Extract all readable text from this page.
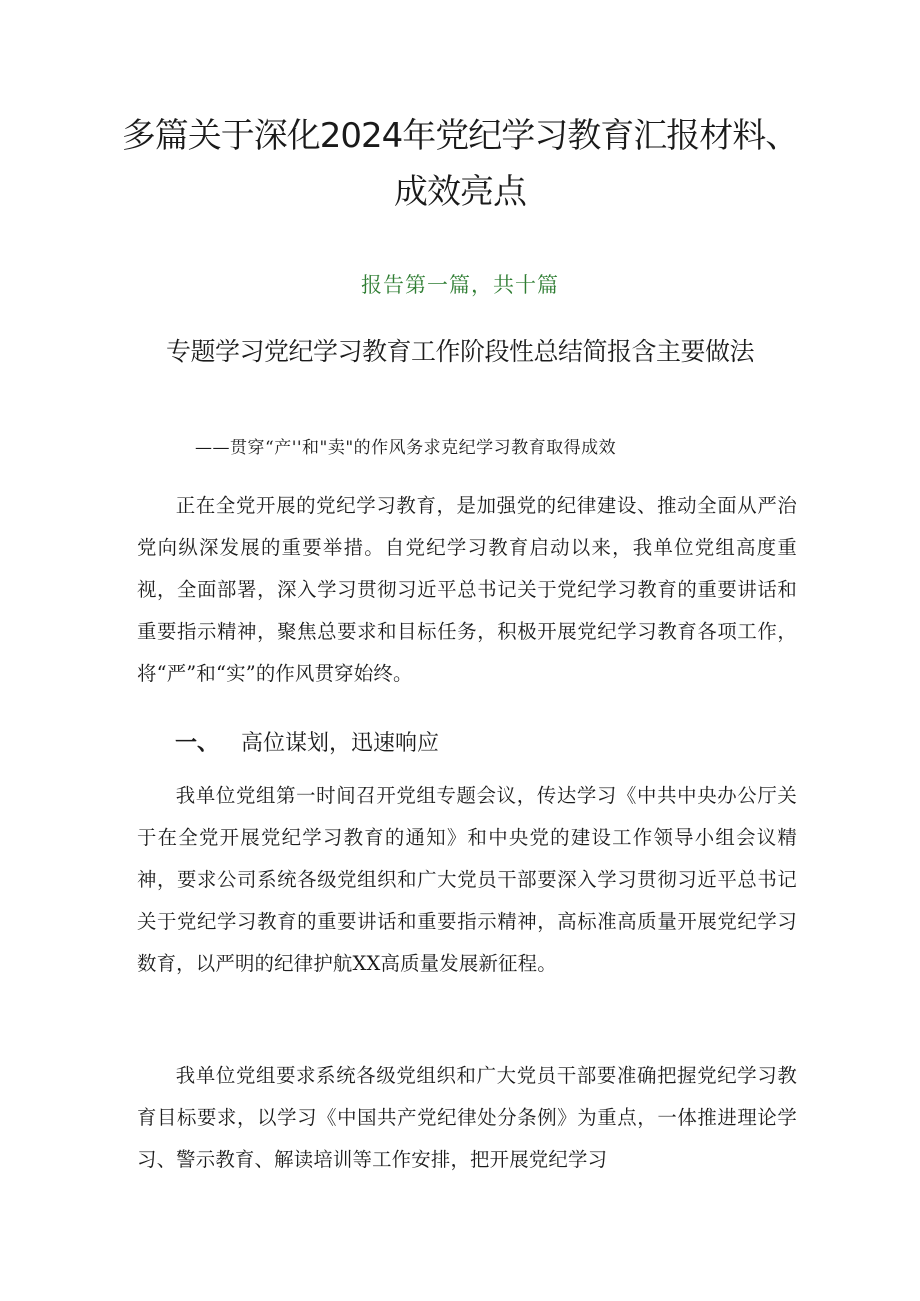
多篇关于深化2024年党纪学习教育汇报材料、成效亮点
报告第一篇，共十篇
专题学习党纪学习教育工作阶段性总结简报含主要做法
——贯穿“产''和"卖"的作风务求克纪学习教育取得成效

正在全党开展的党纪学习教育，是加强党的纪律建设、推动全面从严治党向纵深发展的重要举措。自党纪学习教育启动以来，我单位党组高度重视，全面部署，深入学习贯彻习近平总书记关于党纪学习教育的重要讲话和重要指示精神，聚焦总要求和目标任务，积极开展党纪学习教育各项工作，将“严”和“实”的作风贯穿始终。

一、 高位谋划，迅速响应

我单位党组第一时间召开党组专题会议，传达学习《中共中央办公厅关于在全党开展党纪学习教育的通知》和中央党的建设工作领导小组会议精神，要求公司系统各级党组织和广大党员干部要深入学习贯彻习近平总书记关于党纪学习教育的重要讲话和重要指示精神，高标准高质量开展党纪学习数育，以严明的纪律护航XX高质量发展新征程。

我单位党组要求系统各级党组织和广大党员干部要准确把握党纪学习教育目标要求，以学习《中国共产党纪律处分条例》为重点，一体推进理论学习、警示教育、解读培训等工作安排，把开展党纪学习
